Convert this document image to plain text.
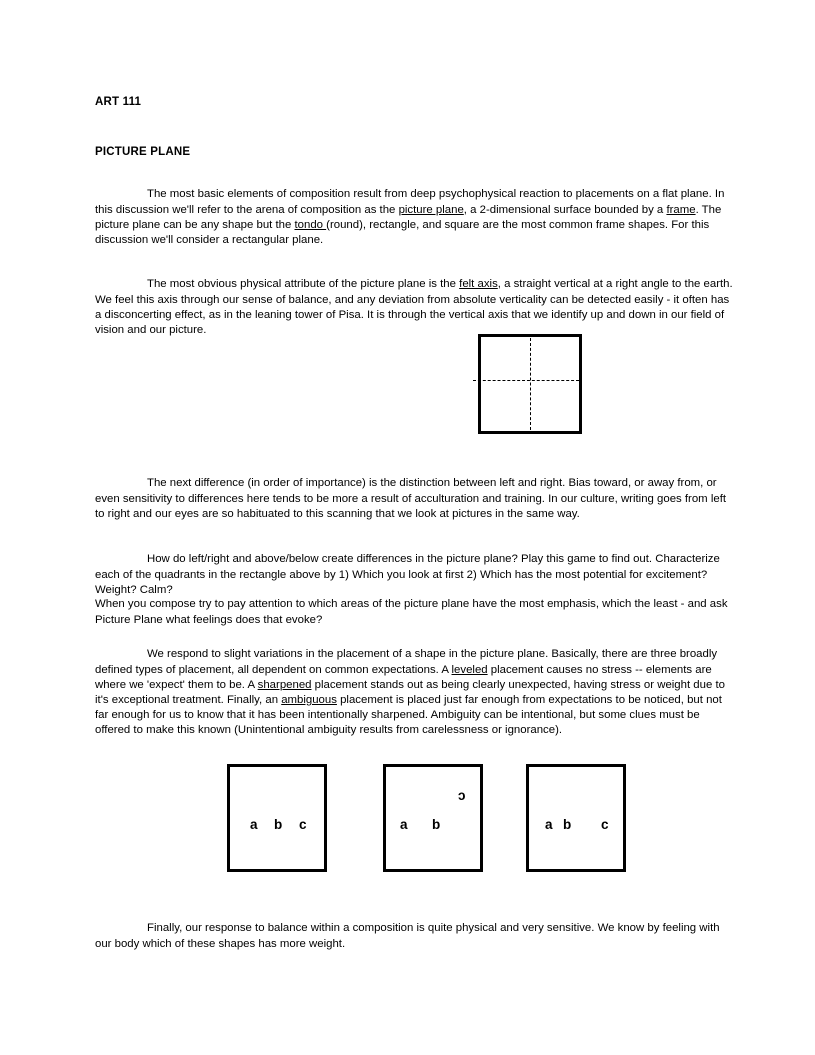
ART 111
PICTURE PLANE

The most basic elements of composition result from deep psychophysical reaction to placements on a flat plane. In this discussion we'll refer to the arena of composition as the picture plane, a 2-dimensional surface bounded by a frame. The picture plane can be any shape but the tondo (round), rectangle, and square are the most common frame shapes. For this discussion we'll consider a rectangular plane.

The most obvious physical attribute of the picture plane is the felt axis, a straight vertical at a right angle to the earth. We feel this axis through our sense of balance, and any deviation from absolute verticality can be detected easily - it often has a disconcerting effect, as in the leaning tower of Pisa. It is through the vertical axis that we identify up and down in our field of vision and our picture.

The next difference (in order of importance) is the distinction between left and right. Bias toward, or away from, or even sensitivity to differences here tends to be more a result of acculturation and training. In our culture, writing goes from left to right and our eyes are so habituated to this scanning that we look at pictures in the same way.

How do left/right and above/below create differences in the picture plane? Play this game to find out. Characterize each of the quadrants in the rectangle above by 1) Which you look at first 2) Which has the most potential for excitement? Weight? Calm?

When you compose try to pay attention to which areas of the picture plane have the most emphasis, which the least - and ask Picture Plane what feelings does that evoke?

We respond to slight variations in the placement of a shape in the picture plane. Basically, there are three broadly defined types of placement, all dependent on common expectations. A leveled placement causes no stress -- elements are where we 'expect' them to be. A sharpened placement stands out as being clearly unexpected, having stress or weight due to it's exceptional treatment. Finally, an ambiguous placement is placed just far enough from expectations to be noticed, but not far enough for us to know that it has been intentionally sharpened. Ambiguity can be intentional, but some clues must be offered to make this known (Unintentional ambiguity results from carelessness or ignorance).

a b c	a b
c
a b c

Finally, our response to balance within a composition is quite physical and very sensitive. We know by feeling with our body which of these shapes has more weight.
